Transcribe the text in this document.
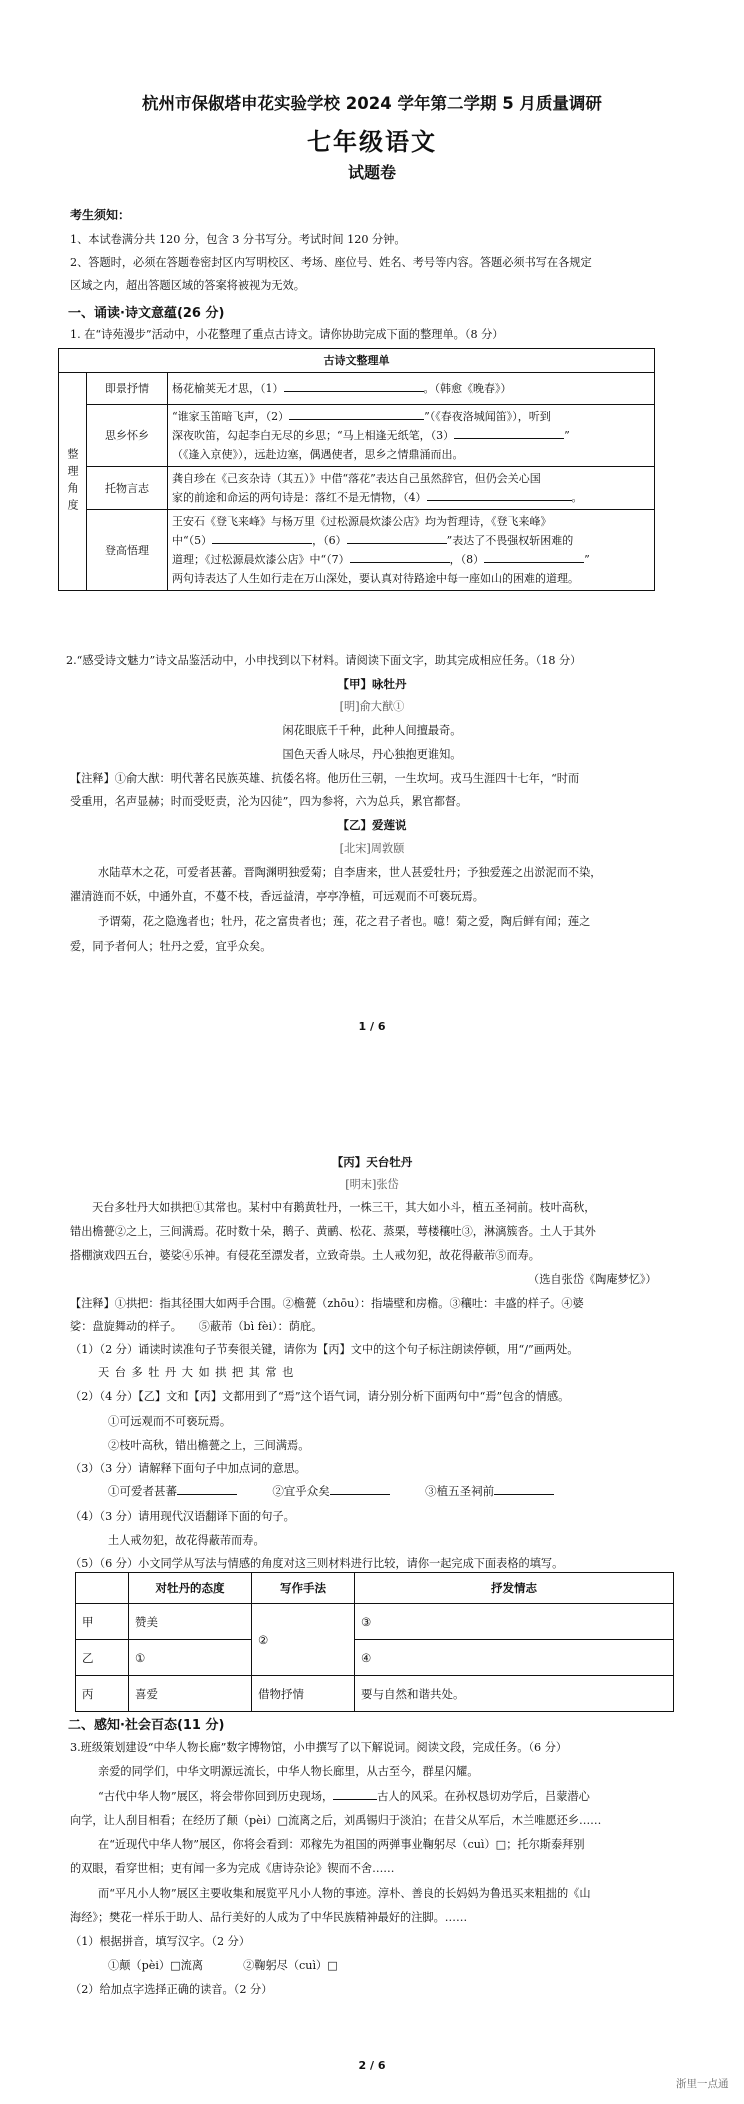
杭州市保俶塔申花实验学校 2024 学年第二学期 5 月质量调研
七年级语文
试题卷
考生须知：
1、本试卷满分共 120 分，包含 3 分书写分。考试时间 120 分钟。
2、答题时，必须在答题卷密封区内写明校区、考场、座位号、姓名、考号等内容。答题必须书写在各规定
区域之内，超出答题区域的答案将被视为无效。
一、诵读·诗文意蕴(26 分)
1. 在“诗苑漫步”活动中，小花整理了重点古诗文。请你协助完成下面的整理单。（8 分）
古诗文整理单		
整理角度	即景抒情	杨花榆荚无才思，（1） 。（韩愈《晚春》）
	思乡怀乡	“谁家玉笛暗飞声，（2） ”（《春夜洛城闻笛》），听到
深夜吹笛，勾起李白无尽的乡思；“马上相逢无纸笔，（3） ”
（《逢入京使》），远赴边塞，偶遇使者，思乡之情鼎涌而出。

	托物言志	龚自珍在《己亥杂诗（其五）》中借“落花”表达自己虽然辞官，但仍会关心国
家的前途和命运的两句诗是：落红不是无情物，（4） 。

	登高悟理	王安石《登飞来峰》与杨万里《过松源晨炊漆公店》均为哲理诗，《登飞来峰》
中“（5） ，（6） ”表达了不畏强权斩困难的
道理；《过松源晨炊漆公店》中“（7） ，（8） ”
两句诗表达了人生如行走在万山深处，要认真对待路途中每一座如山的困难的道理。
2.“感受诗文魅力”诗文品鉴活动中，小申找到以下材料。请阅读下面文字，助其完成相应任务。（18 分）
【甲】咏牡丹
[明]俞大猷①
闲花眼底千千种，此种人间擅最奇。
国色天香人咏尽，丹心独抱更谁知。
【注释】①俞大猷：明代著名民族英雄、抗倭名将。他历仕三朝，一生坎坷。戎马生涯四十七年，“时而
受重用，名声显赫；时而受贬责，沦为囚徒”，四为参将，六为总兵，累官都督。
【乙】爱莲说
[北宋]周敦颐
水陆草木之花，可爱者甚蕃。晋陶渊明独爱菊；自李唐来，世人甚爱牡丹；予独爱莲之出淤泥而不染，
濯清涟而不妖，中通外直，不蔓不枝，香远益清，亭亭净植，可远观而不可亵玩焉。
予谓菊，花之隐逸者也；牡丹，花之富贵者也；莲，花之君子者也。噫！菊之爱，陶后鲜有闻；莲之
爱，同予者何人；牡丹之爱，宜乎众矣。
1 / 6
【丙】天台牡丹
[明末]张岱
天台多牡丹大如拱把①其常也。某村中有鹅黄牡丹，一株三干，其大如小斗，植五圣祠前。枝叶高秋，
错出檐甍②之上，三间满焉。花时数十朵，鹅子、黄鹂、松花、蒸栗，萼楼穰吐③，淋漓簇沓。土人于其外
搭棚演戏四五台，婆娑④乐神。有侵花至漂发者，立致奇祟。土人戒勿犯，故花得蔽芾⑤而寿。
（选自张岱《陶庵梦忆》）
【注释】①拱把：指其径围大如两手合围。②檐甍（zhōu）：指墙壁和房檐。③穰吐：丰盛的样子。④婆
娑：盘旋舞动的样子。　　⑤蔽芾（bì fèi）：荫庇。
（1）（2 分）诵读时读准句子节奏很关键，请你为【丙】文中的这个句子标注朗读停顿，用“/”画两处。
天 台 多 牡 丹 大 如 拱 把 其 常 也
（2）（4 分）【乙】文和【丙】文都用到了“焉”这个语气词，请分别分析下面两句中“焉”包含的情感。
①可远观而不可亵玩焉。
②枝叶高秋，错出檐甍之上，三间满焉。
（3）（3 分）请解释下面句子中加点词的意思。
①可爱者甚蕃	②宜乎众矣	③植五圣祠前
（4）（3 分）请用现代汉语翻译下面的句子。
土人戒勿犯，故花得蔽芾而寿。
（5）（6 分）小文同学从写法与情感的角度对这三则材料进行比较，请你一起完成下面表格的填写。
	对牡丹的态度	写作手法	抒发情志
甲	赞美	②	③
乙	①		④
丙	喜爱	借物抒情	要与自然和谐共处。
二、感知·社会百态(11 分)
3.班级策划建设“中华人物长廊”数字博物馆，小申撰写了以下解说词。阅读文段，完成任务。（6 分）
亲爱的同学们，中华文明源远流长，中华人物长廊里，从古至今，群星闪耀。
“古代中华人物”展区，将会带你回到历史现场，	古人的风采。在孙权恳切劝学后，吕蒙潜心
向学，让人刮目相看；在经历了颠（pèi）□流离之后，刘禹锡归于淡泊；在昔父从军后，木兰唯愿还乡……
在“近现代中华人物”展区，你将会看到：邓稼先为祖国的两弹事业鞠躬尽（cuì）□；托尔斯泰拜别
的双眼，看穿世相；吏有闻一多为完成《唐诗杂论》锲而不舍……
而“平凡小人物”展区主要收集和展览平凡小人物的事迹。淳朴、善良的长妈妈为鲁迅买来粗拙的《山
海经》；樊花一样乐于助人、品行美好的人成为了中华民族精神最好的注脚。……
（1）根据拼音，填写汉字。（2 分）
①颠（pèi）□流离	②鞠躬尽（cuì）□
（2）给加点字选择正确的读音。（2 分）
2 / 6
浙里一点通
